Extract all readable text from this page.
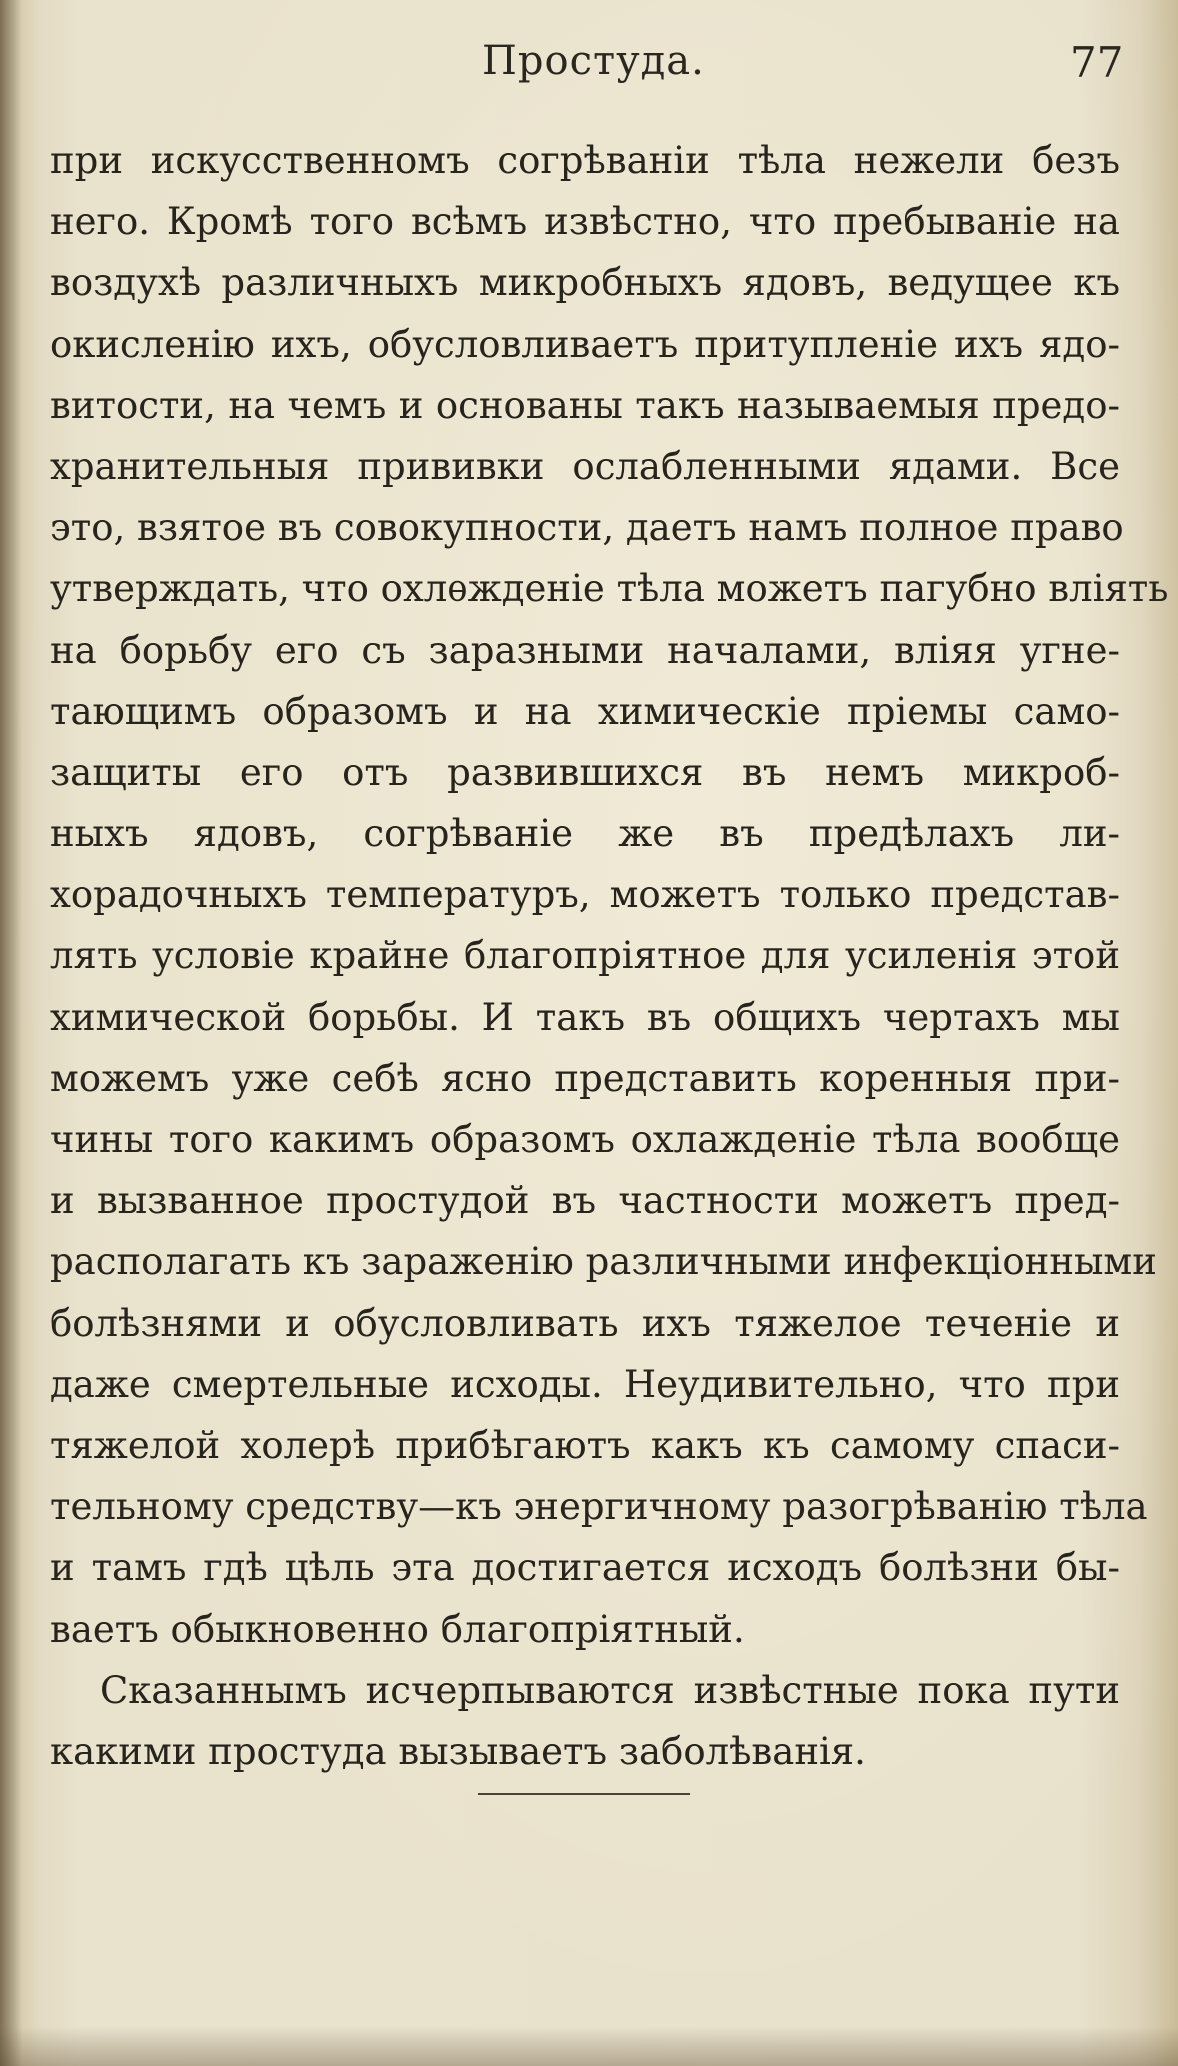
Простуда.	77
при искусственномъ согрѣваніи тѣла нежели безъ
него. Кромѣ того всѣмъ извѣстно, что пребываніе на
воздухѣ различныхъ микробныхъ ядовъ, ведущее къ
окисленію ихъ, обусловливаетъ притупленіе ихъ ядо-
витости, на чемъ и основаны такъ называемыя предо-
хранительныя прививки ослабленными ядами. Все
это, взятое въ совокупности, даетъ намъ полное право
утверждать, что охлѳжденіе тѣла можетъ пагубно влiять
на борьбу его съ заразными началами, вліяя угне-
тающимъ образомъ и на химическіе пріемы само-
защиты его отъ развившихся въ немъ микроб-
ныхъ ядовъ, согрѣваніе же въ предѣлахъ ли-
хорадочныхъ температуръ, можетъ только представ-
лять условіе крайне благопріятное для усиленія этой
химической борьбы. И такъ въ общихъ чертахъ мы
можемъ уже себѣ ясно представить коренныя при-
чины того какимъ образомъ охлажденіе тѣла вообще
и вызванное простудой въ частности можетъ пред-
располагать къ зараженію различными инфекціонными
болѣзнями и обусловливать ихъ тяжелое теченіе и
даже смертельные исходы. Неудивительно, что при
тяжелой холерѣ прибѣгаютъ какъ къ самому спаси-
тельному средству—къ энергичному разогрѣванію тѣла
и тамъ гдѣ цѣль эта достигается исходъ болѣзни бы-
ваетъ обыкновенно благопріятный.
Сказаннымъ исчерпываются извѣстные пока пути
какими простуда вызываетъ заболѣванія.
